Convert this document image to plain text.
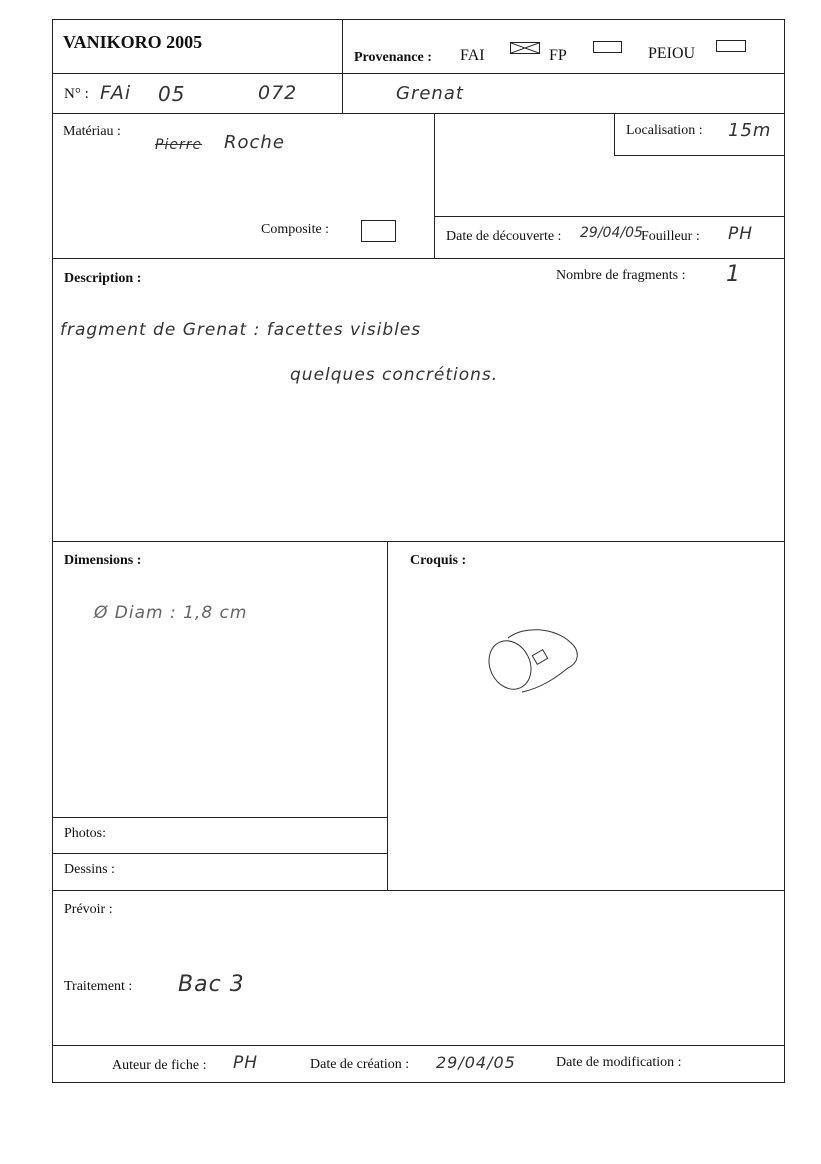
VANIKORO 2005
Provenance : FAI	FP	PEIOU
N° : FAi 05	072	Grenat
Matériau :
Pierre Roche
Composite :
Localisation : 15m
Date de découverte : 29/04/05
Fouilleur : PH
Description :	Nombre de fragments : 1
fragment de Grenat : facettes visibles
quelques concrétions.
Dimensions :
Ø Diam : 1,8 cm
Croquis :
Photos:
Dessins :
Prévoir :
Traitement : Bac 3
Auteur de fiche : PH	Date de création : 29/04/05	Date de modification :
